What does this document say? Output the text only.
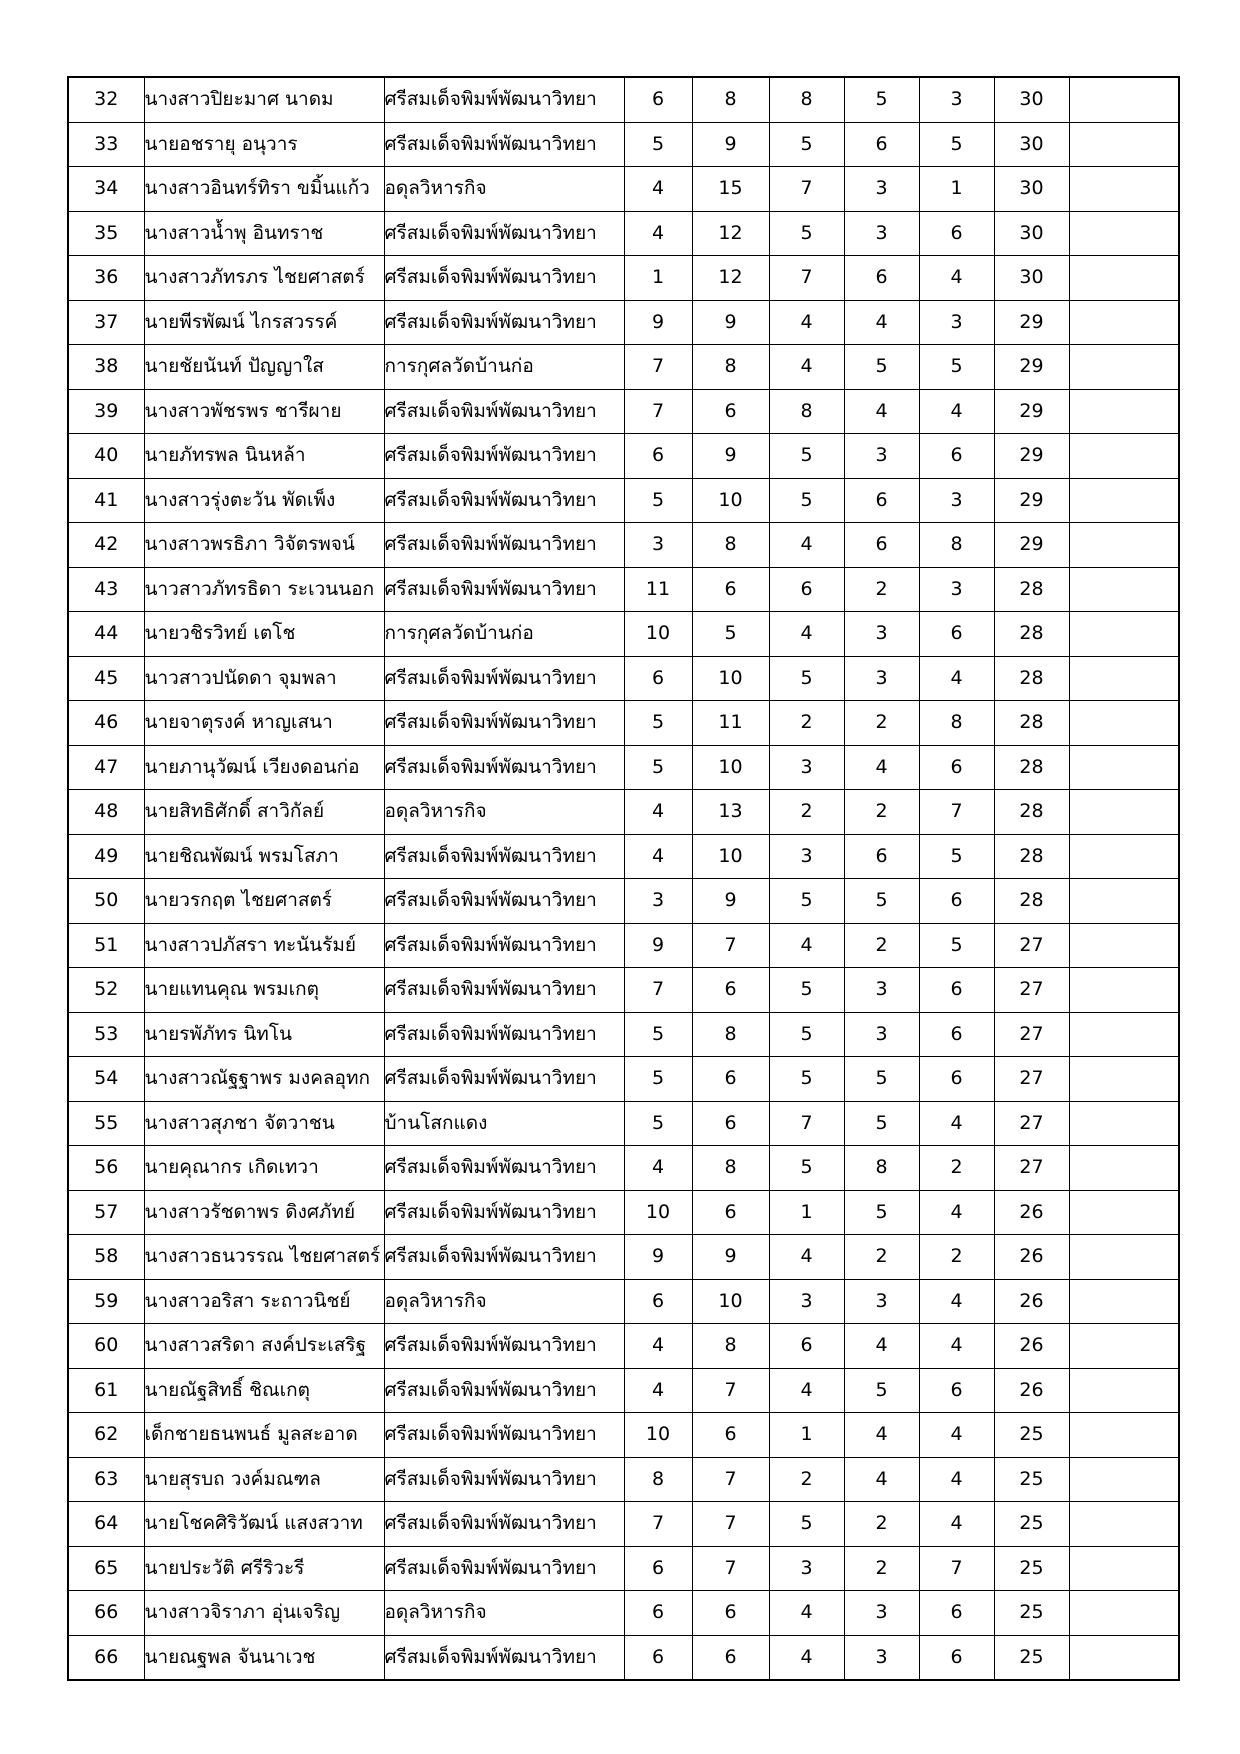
32	นางสาวปิยะมาศ นาดม	ศรีสมเด็จพิมพ์พัฒนาวิทยา	6	8	8	5	3	30	
33	นายอชรายุ อนุวาร	ศรีสมเด็จพิมพ์พัฒนาวิทยา	5	9	5	6	5	30	
34	นางสาวอินทร์ทิรา ขมิ้นแก้ว	อดุลวิหารกิจ	4	15	7	3	1	30	
35	นางสาวน้ำพุ อินทราช	ศรีสมเด็จพิมพ์พัฒนาวิทยา	4	12	5	3	6	30	
36	นางสาวภัทรภร ไชยศาสตร์	ศรีสมเด็จพิมพ์พัฒนาวิทยา	1	12	7	6	4	30	
37	นายพีรพัฒน์ ไกรสวรรค์	ศรีสมเด็จพิมพ์พัฒนาวิทยา	9	9	4	4	3	29	
38	นายชัยนันท์ ปัญญาใส	การกุศลวัดบ้านก่อ	7	8	4	5	5	29	
39	นางสาวพัชรพร ชารีผาย	ศรีสมเด็จพิมพ์พัฒนาวิทยา	7	6	8	4	4	29	
40	นายภัทรพล นินหล้า	ศรีสมเด็จพิมพ์พัฒนาวิทยา	6	9	5	3	6	29	
41	นางสาวรุ่งตะวัน พัดเพ็ง	ศรีสมเด็จพิมพ์พัฒนาวิทยา	5	10	5	6	3	29	
42	นางสาวพรธิภา วิจัตรพจน์	ศรีสมเด็จพิมพ์พัฒนาวิทยา	3	8	4	6	8	29	
43	นาวสาวภัทรธิดา ระเวนนอก	ศรีสมเด็จพิมพ์พัฒนาวิทยา	11	6	6	2	3	28	
44	นายวชิรวิทย์ เตโช	การกุศลวัดบ้านก่อ	10	5	4	3	6	28	
45	นาวสาวปนัดดา จุมพลา	ศรีสมเด็จพิมพ์พัฒนาวิทยา	6	10	5	3	4	28	
46	นายจาตุรงค์ หาญเสนา	ศรีสมเด็จพิมพ์พัฒนาวิทยา	5	11	2	2	8	28	
47	นายภานุวัฒน์ เวียงดอนก่อ	ศรีสมเด็จพิมพ์พัฒนาวิทยา	5	10	3	4	6	28	
48	นายสิทธิศักดิ์ สาวิกัลย์	อดุลวิหารกิจ	4	13	2	2	7	28	
49	นายชิณพัฒน์ พรมโสภา	ศรีสมเด็จพิมพ์พัฒนาวิทยา	4	10	3	6	5	28	
50	นายวรกฤต ไชยศาสตร์	ศรีสมเด็จพิมพ์พัฒนาวิทยา	3	9	5	5	6	28	
51	นางสาวปภัสรา ทะนันรัมย์	ศรีสมเด็จพิมพ์พัฒนาวิทยา	9	7	4	2	5	27	
52	นายแทนคุณ พรมเกตุ	ศรีสมเด็จพิมพ์พัฒนาวิทยา	7	6	5	3	6	27	
53	นายรพัภัทร นิทโน	ศรีสมเด็จพิมพ์พัฒนาวิทยา	5	8	5	3	6	27	
54	นางสาวณัฐฐาพร มงคลอุทก	ศรีสมเด็จพิมพ์พัฒนาวิทยา	5	6	5	5	6	27	
55	นางสาวสุภชา จัตวาชน	บ้านโสกแดง	5	6	7	5	4	27	
56	นายคุณากร เกิดเทวา	ศรีสมเด็จพิมพ์พัฒนาวิทยา	4	8	5	8	2	27	
57	นางสาวรัชดาพร ดิงศภัทย์	ศรีสมเด็จพิมพ์พัฒนาวิทยา	10	6	1	5	4	26	
58	นางสาวธนวรรณ ไชยศาสตร์	ศรีสมเด็จพิมพ์พัฒนาวิทยา	9	9	4	2	2	26	
59	นางสาวอริสา ระถาวนิชย์	อดุลวิหารกิจ	6	10	3	3	4	26	
60	นางสาวสริดา สงค์ประเสริฐ	ศรีสมเด็จพิมพ์พัฒนาวิทยา	4	8	6	4	4	26	
61	นายณัฐสิทธิ์ ชิณเกตุ	ศรีสมเด็จพิมพ์พัฒนาวิทยา	4	7	4	5	6	26	
62	เด็กชายธนพนธ์ มูลสะอาด	ศรีสมเด็จพิมพ์พัฒนาวิทยา	10	6	1	4	4	25	
63	นายสุรบถ วงค์มณฑล	ศรีสมเด็จพิมพ์พัฒนาวิทยา	8	7	2	4	4	25	
64	นายโชคศิริวัฒน์ แสงสวาท	ศรีสมเด็จพิมพ์พัฒนาวิทยา	7	7	5	2	4	25	
65	นายประวัติ ศรีริวะรี	ศรีสมเด็จพิมพ์พัฒนาวิทยา	6	7	3	2	7	25	
66	นางสาวจิราภา อุ่นเจริญ	อดุลวิหารกิจ	6	6	4	3	6	25	
66	นายณฐพล จันนาเวช	ศรีสมเด็จพิมพ์พัฒนาวิทยา	6	6	4	3	6	25	
